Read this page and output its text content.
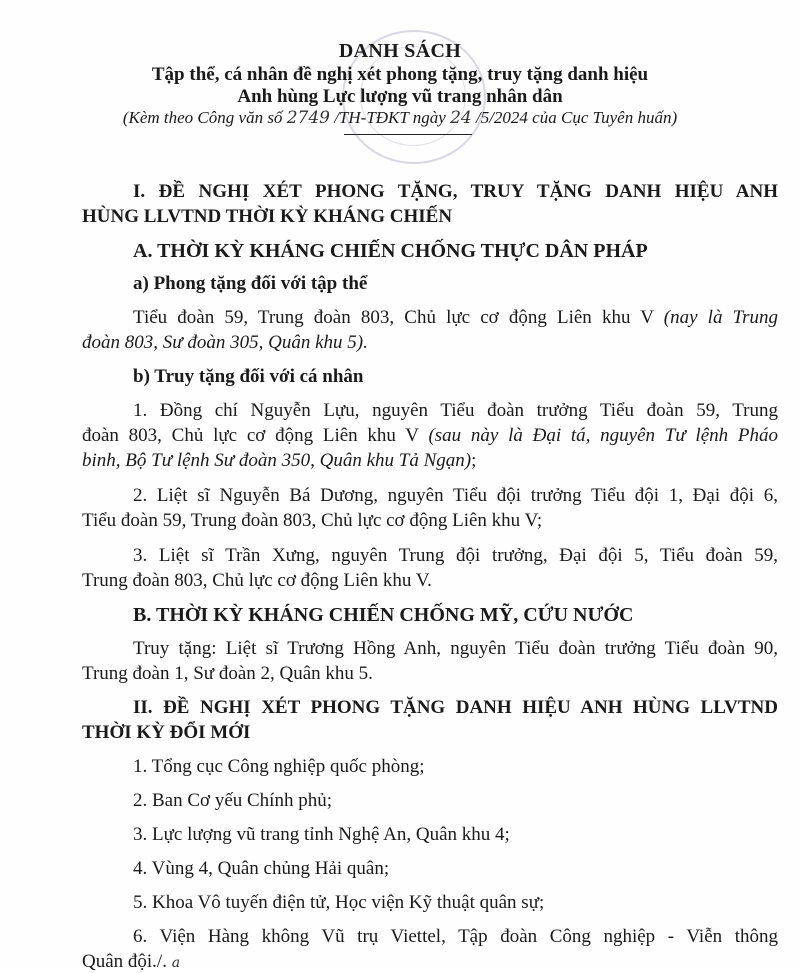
DANH SÁCH
Tập thể, cá nhân đề nghị xét phong tặng, truy tặng danh hiệu
Anh hùng Lực lượng vũ trang nhân dân
(Kèm theo Công văn số 2749 /TH-TĐKT ngày 24 /5/2024 của Cục Tuyên huấn)
I. ĐỀ NGHỊ XÉT PHONG TẶNG, TRUY TẶNG DANH HIỆU ANH
HÙNG LLVTND THỜI KỲ KHÁNG CHIẾN
A. THỜI KỲ KHÁNG CHIẾN CHỐNG THỰC DÂN PHÁP
a) Phong tặng đối với tập thể
Tiểu đoàn 59, Trung đoàn 803, Chủ lực cơ động Liên khu V (nay là Trung
đoàn 803, Sư đoàn 305, Quân khu 5).
b) Truy tặng đối với cá nhân
1. Đồng chí Nguyễn Lựu, nguyên Tiểu đoàn trưởng Tiểu đoàn 59, Trung
đoàn 803, Chủ lực cơ động Liên khu V (sau này là Đại tá, nguyên Tư lệnh Pháo
binh, Bộ Tư lệnh Sư đoàn 350, Quân khu Tả Ngạn);
2. Liệt sĩ Nguyễn Bá Dương, nguyên Tiểu đội trưởng Tiểu đội 1, Đại đội 6,
Tiểu đoàn 59, Trung đoàn 803, Chủ lực cơ động Liên khu V;
3. Liệt sĩ Trần Xưng, nguyên Trung đội trưởng, Đại đội 5, Tiểu đoàn 59,
Trung đoàn 803, Chủ lực cơ động Liên khu V.
B. THỜI KỲ KHÁNG CHIẾN CHỐNG MỸ, CỨU NƯỚC
Truy tặng: Liệt sĩ Trương Hồng Anh, nguyên Tiểu đoàn trưởng Tiểu đoàn 90,
Trung đoàn 1, Sư đoàn 2, Quân khu 5.
II. ĐỀ NGHỊ XÉT PHONG TẶNG DANH HIỆU ANH HÙNG LLVTND
THỜI KỲ ĐỔI MỚI
1. Tổng cục Công nghiệp quốc phòng;
2. Ban Cơ yếu Chính phủ;
3. Lực lượng vũ trang tỉnh Nghệ An, Quân khu 4;
4. Vùng 4, Quân chủng Hải quân;
5. Khoa Vô tuyến điện tử, Học viện Kỹ thuật quân sự;
6. Viện Hàng không Vũ trụ Viettel, Tập đoàn Công nghiệp - Viễn thông
Quân đội./. a
